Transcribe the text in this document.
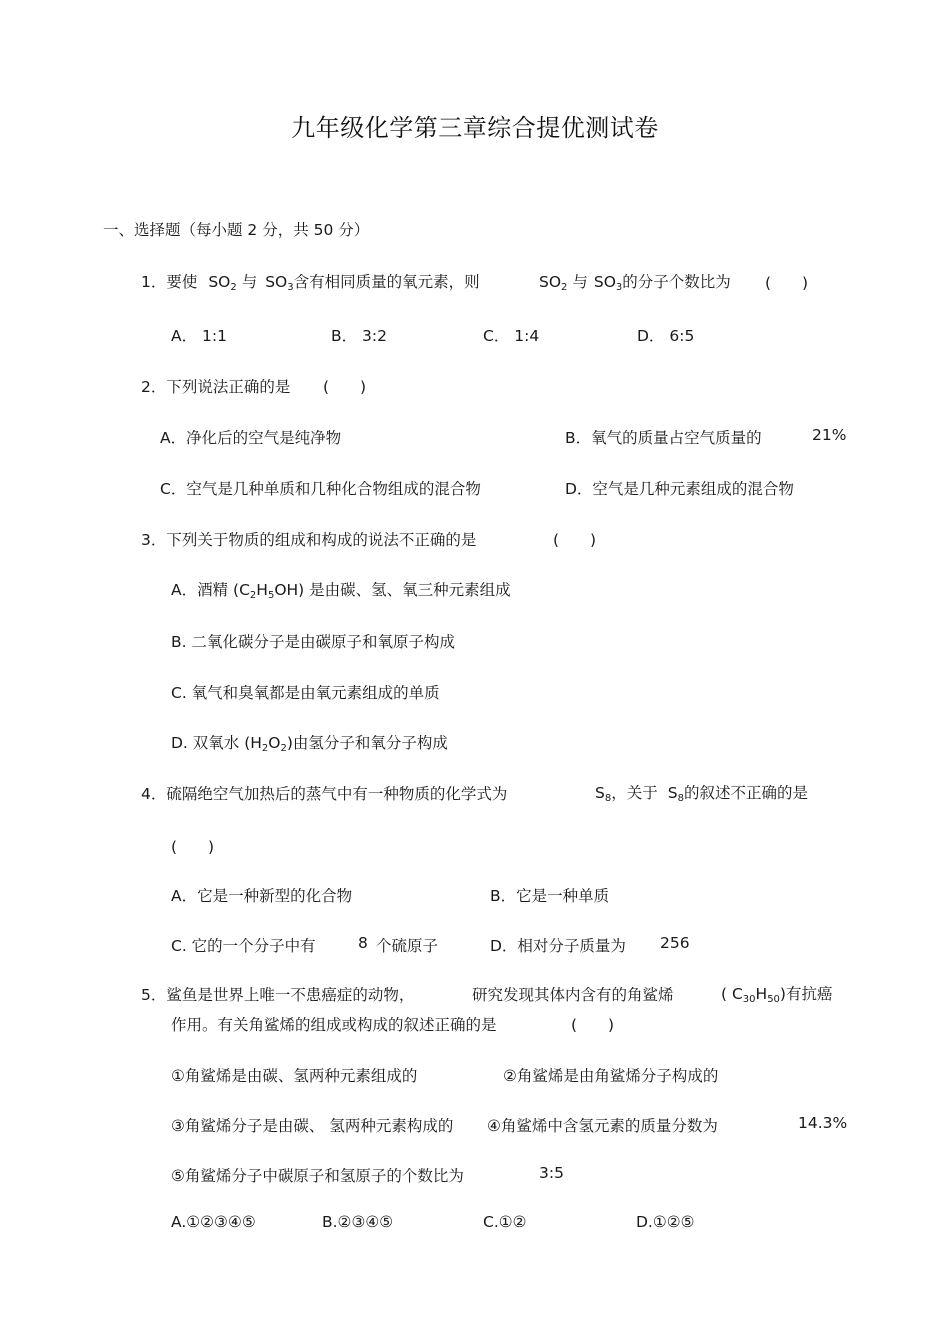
九年级化学第三章综合提优测试卷
一、选择题（每小题 2 分，共 50 分）
1．要使 $SO_2$ 与 $SO_3$含有相同质量的氧元素，则	$SO_2$ 与 $SO_3$的分子个数比为 (　　)
A． 1:1	B． 3:2	C． 1:4	D． 6:5
2．下列说法正确的是 (　　)
A．净化后的空气是纯净物	B．氧气的质量占空气质量的	21%
C．空气是几种单质和几种化合物组成的混合物	D．空气是几种元素组成的混合物
3．下列关于物质的组成和构成的说法不正确的是	(　　)
A．酒精 $(C_2H_5OH)$ 是由碳、氢、氧三种元素组成
B. 二氧化碳分子是由碳原子和氧原子构成
C. 氧气和臭氧都是由氧元素组成的单质
D. 双氧水 $(H_2O_2)$由氢分子和氧分子构成
4．硫隔绝空气加热后的蒸气中有一种物质的化学式为	$S_8$，关于 $S_8$的叙述不正确的是
(　　)
A．它是一种新型的化合物	B．它是一种单质
C. 它的一个分子中有	8 个硫原子	D．相对分子质量为 256
5．鲨鱼是世界上唯一不患癌症的动物，	研究发现其体内含有的角鲨烯	( $C_{30}H_{50}$)有抗癌
作用。有关角鲨烯的组成或构成的叙述正确的是	(　　)
①角鲨烯是由碳、氢两种元素组成的	②角鲨烯是由角鲨烯分子构成的
③角鲨烯分子是由碳、 氢两种元素构成的 ④角鲨烯中含氢元素的质量分数为	14.3%
⑤角鲨烯分子中碳原子和氢原子的个数比为	3:5
A.①②③④⑤	B.②③④⑤	C.①②	D.①②⑤
